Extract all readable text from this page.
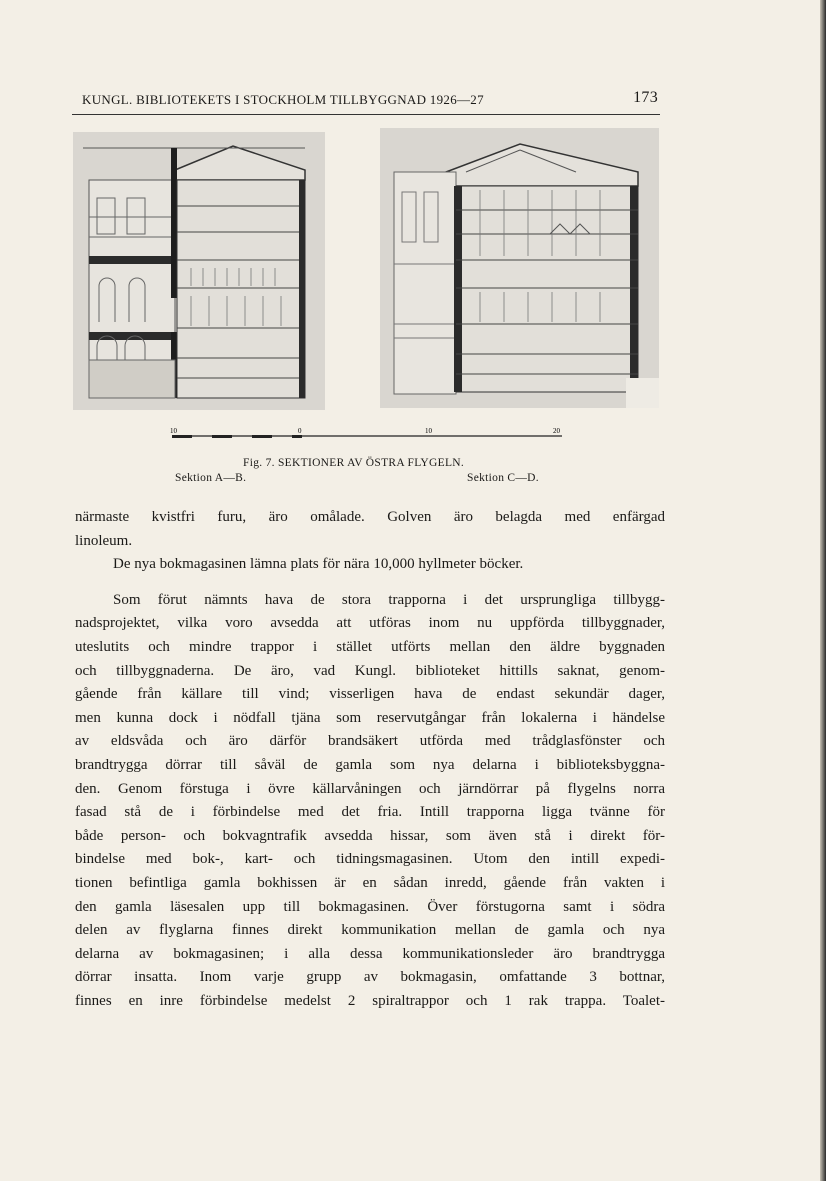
KUNGL. BIBLIOTEKETS I STOCKHOLM TILLBYGGNAD 1926—27	173
10	0	10	20
Fig. 7. SEKTIONER AV ÖSTRA FLYGELN.
Sektion A—B.	Sektion C—D.
närmaste kvistfri furu, äro omålade. Golven äro belagda med enfärgad
linoleum.
De nya bokmagasinen lämna plats för nära 10,000 hyllmeter böcker.
Som förut nämnts hava de stora trapporna i det ursprungliga tillbygg-
nadsprojektet, vilka voro avsedda att utföras inom nu uppförda tillbyggnader,
uteslutits och mindre trappor i stället utförts mellan den äldre byggnaden
och tillbyggnaderna. De äro, vad Kungl. biblioteket hittills saknat, genom-
gående från källare till vind; visserligen hava de endast sekundär dager,
men kunna dock i nödfall tjäna som reservutgångar från lokalerna i händelse
av eldsvåda och äro därför brandsäkert utförda med trådglasfönster och
brandtrygga dörrar till såväl de gamla som nya delarna i biblioteksbyggna-
den. Genom förstuga i övre källarvåningen och järndörrar på flygelns norra
fasad stå de i förbindelse med det fria. Intill trapporna ligga tvänne för
både person- och bokvagntrafik avsedda hissar, som även stå i direkt för-
bindelse med bok-, kart- och tidningsmagasinen. Utom den intill expedi-
tionen befintliga gamla bokhissen är en sådan inredd, gående från vakten i
den gamla läsesalen upp till bokmagasinen. Över förstugorna samt i södra
delen av flyglarna finnes direkt kommunikation mellan de gamla och nya
delarna av bokmagasinen; i alla dessa kommunikationsleder äro brandtrygga
dörrar insatta. Inom varje grupp av bokmagasin, omfattande 3 bottnar,
finnes en inre förbindelse medelst 2 spiraltrappor och 1 rak trappa. Toalet-
